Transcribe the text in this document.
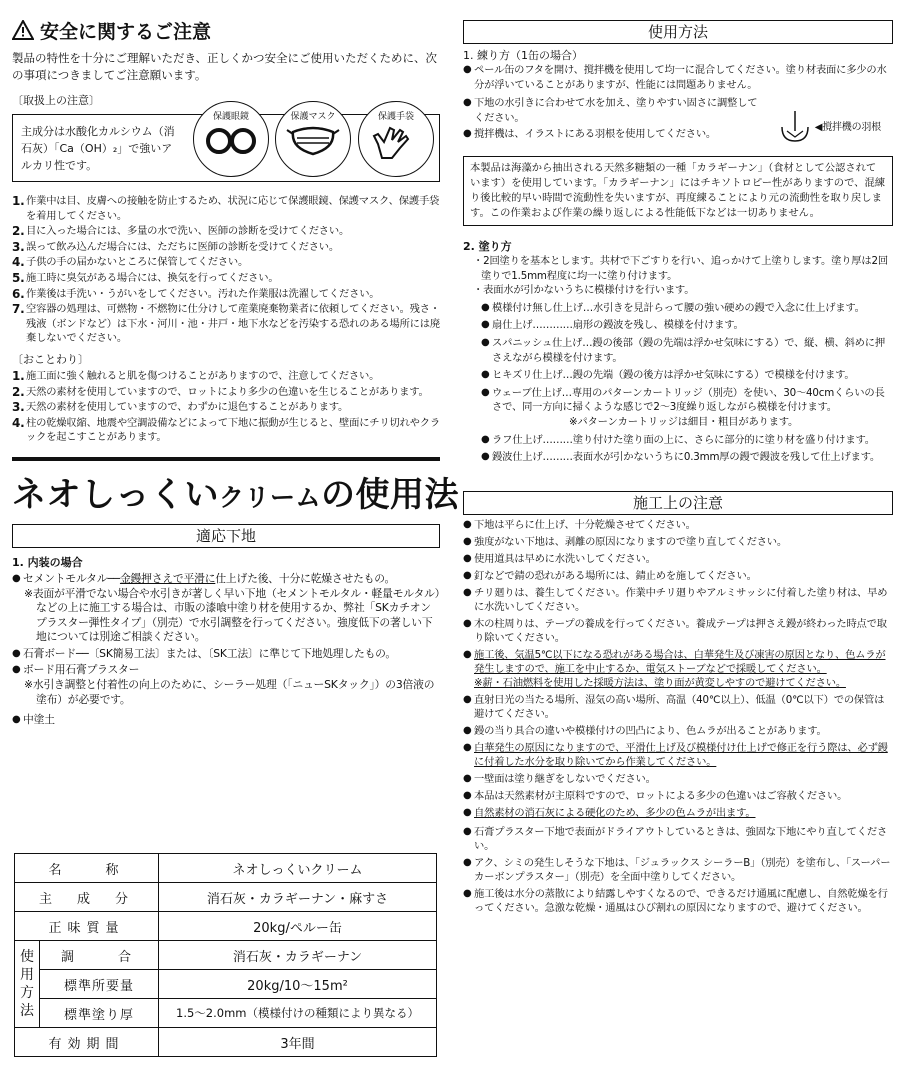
安全に関するご注意
製品の特性を十分にご理解いただき、正しくかつ安全にご使用いただくために、次の事項につきましてご注意願います。
〔取扱上の注意〕
主成分は水酸化カルシウム（消石灰）「Ca（OH）₂」で強いアルカリ性です。
保護眼鏡	保護マスク	保護手袋
1. 作業中は目、皮膚への接触を防止するため、状況に応じて保護眼鏡、保護マスク、保護手袋を着用してください。
2. 目に入った場合には、多量の水で洗い、医師の診断を受けてください。
3. 誤って飲み込んだ場合には、ただちに医師の診断を受けてください。
4. 子供の手の届かないところに保管してください。
5. 施工時に臭気がある場合には、換気を行ってください。
6. 作業後は手洗い・うがいをしてください。汚れた作業服は洗濯してください。
7. 空容器の処理は、可燃物・不燃物に仕分けして産業廃棄物業者に依頼してください。残さ・残液（ボンドなど）は下水・河川・池・井戸・地下水などを汚染する恐れのある場所には廃棄しないでください。
〔おことわり〕
1. 施工面に強く触れると肌を傷つけることがありますので、注意してください。
2. 天然の素材を使用していますので、ロットにより多少の色違いを生じることがあります。
3. 天然の素材を使用していますので、わずかに退色することがあります。
4. 柱の乾燥収縮、地震や空調設備などによって下地に振動が生じると、壁面にチリ切れやクラックを起こすことがあります。
ネオしっくいクリームの使用法
適応下地
1. 内装の場合
● セメントモルタル──金鏝押さえで平滑に仕上げた後、十分に乾燥させたもの。
※表面が平滑でない場合や水引きが著しく早い下地（セメントモルタル・軽量モルタル）などの上に施工する場合は、市販の漆喰中塗り材を使用するか、弊社「SKカチオンプラスター弾性タイプ」（別売）で水引調整を行ってください。強度低下の著しい下地については別途ご相談ください。
● 石膏ボード──〔SK簡易工法〕または、〔SK工法〕に準じて下地処理したもの。
● ボード用石膏プラスター
※水引き調整と付着性の向上のために、シーラー処理（「ニューSKタック」）の3倍液の塗布）が必要です。
● 中塗土
名　　称		ネオしっくいクリーム
主　成　分		消石灰・カラギーナン・麻すさ
正味質量		20kg/ペルー缶
使用方法	調　　合	消石灰・カラギーナン
	標準所要量	20kg/10〜15m²
	標準塗り厚	1.5〜2.0mm（模様付けの種類により異なる）
有効期間		3年間
使用方法
1. 練り方（1缶の場合）
● ペール缶のフタを開け、撹拌機を使用して均一に混合してください。塗り材表面に多少の水分が浮いていることがありますが、性能には問題ありません。
● 下地の水引きに合わせて水を加え、塗りやすい固さに調整してください。
● 撹拌機は、イラストにある羽根を使用してください。
◀撹拌機の羽根
本製品は海藻から抽出される天然多糖類の一種「カラギーナン」（食材として公認されています）を使用しています。「カラギーナン」にはチキソトロピー性がありますので、混練り後比較的早い時間で流動性を失いますが、再度練ることにより元の流動性を取り戻します。この作業および作業の繰り返しによる性能低下などは一切ありません。
2. 塗り方
・2回塗りを基本とします。共材で下ごすりを行い、追っかけて上塗りします。塗り厚は2回塗りで1.5mm程度に均一に塗り付けます。
・表面水が引かないうちに模様付けを行います。
● 模様付け無し仕上げ…水引きを見計らって腰の強い硬めの鏝で入念に仕上げます。
● 扇仕上げ…………扇形の鏝波を残し、模様を付けます。
● スパニッシュ仕上げ…鏝の後部（鏝の先端は浮かせ気味にする）で、縦、横、斜めに押さえながら模様を付けます。
● ヒキズリ仕上げ…鏝の先端（鏝の後方は浮かせ気味にする）で模様を付けます。
● ウェーブ仕上げ…専用のパターンカートリッジ（別売）を使い、30〜40cmくらいの長さで、同一方向に掃くような感じで2〜3度繰り返しながら模様を付けます。
※パターンカートリッジは細目・粗目があります。
● ラフ仕上げ………塗り付けた塗り面の上に、さらに部分的に塗り材を盛り付けます。
● 鏝波仕上げ………表面水が引かないうちに0.3mm厚の鏝で鏝波を残して仕上げます。
施工上の注意
● 下地は平らに仕上げ、十分乾燥させてください。
● 強度がない下地は、剥離の原因になりますので塗り直してください。
● 使用道具は早めに水洗いしてください。
● 釘などで錆の恐れがある場所には、錆止めを施してください。
● チリ廻りは、養生してください。作業中チリ廻りやアルミサッシに付着した塗り材は、早めに水洗いしてください。
● 木の柱周りは、テープの養成を行ってください。養成テープは押さえ鏝が終わった時点で取り除いてください。
● 施工後、気温5℃以下になる恐れがある場合は、白華発生及び凍害の原因となり、色ムラが発生しますので、施工を中止するか、電気ストーブなどで採暖してください。
※薪・石油燃料を使用した採暖方法は、塗り面が黄変しやすので避けてください。
● 直射日光の当たる場所、湿気の高い場所、高温（40℃以上）、低温（0℃以下）での保管は避けてください。
● 鏝の当り具合の違いや模様付けの凹凸により、色ムラが出ることがあります。
● 白華発生の原因になりますので、平滑仕上げ及び模様付け仕上げで修正を行う際は、必ず鏝に付着した水分を取り除いてから作業してください。
● 一壁面は塗り継ぎをしないでください。
● 本品は天然素材が主原料ですので、ロットによる多少の色違いはご容赦ください。
● 自然素材の消石灰による硬化のため、多少の色ムラが出ます。
● 石膏プラスター下地で表面がドライアウトしているときは、強固な下地にやり直してください。
● アク、シミの発生しそうな下地は、「ジュラックス シーラーB」（別売）を塗布し、「スーパーカーボンプラスター」（別売）を全面中塗りしてください。
● 施工後は水分の蒸散により結露しやすくなるので、できるだけ通風に配慮し、自然乾燥を行ってください。急激な乾燥・通風はひび割れの原因になりますので、避けてください。
